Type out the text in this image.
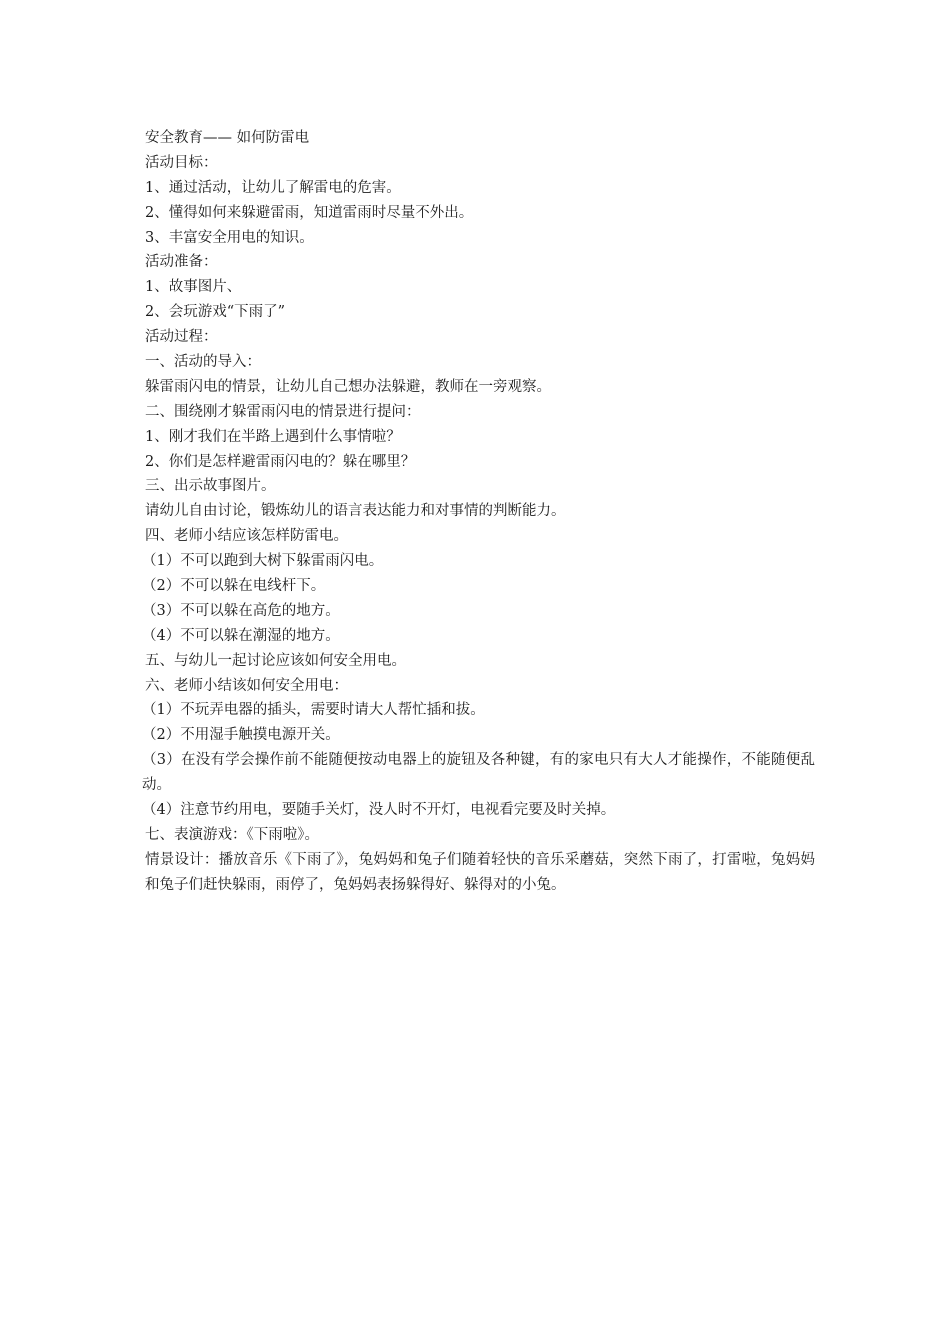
安全教育—— 如何防雷电
活动目标：
1、通过活动，让幼儿了解雷电的危害。
2、懂得如何来躲避雷雨，知道雷雨时尽量不外出。
3、丰富安全用电的知识。
活动准备：
1、故事图片、
2、会玩游戏“下雨了”
活动过程：
一、活动的导入：
躲雷雨闪电的情景，让幼儿自己想办法躲避，教师在一旁观察。
二、围绕刚才躲雷雨闪电的情景进行提问：
1、刚才我们在半路上遇到什么事情啦？
2、你们是怎样避雷雨闪电的？躲在哪里？
三、出示故事图片。
请幼儿自由讨论，锻炼幼儿的语言表达能力和对事情的判断能力。
四、老师小结应该怎样防雷电。
（1）不可以跑到大树下躲雷雨闪电。
（2）不可以躲在电线杆下。
（3）不可以躲在高危的地方。
（4）不可以躲在潮湿的地方。
五、与幼儿一起讨论应该如何安全用电。
六、老师小结该如何安全用电：
（1）不玩弄电器的插头，需要时请大人帮忙插和拔。
（2）不用湿手触摸电源开关。
（3）在没有学会操作前不能随便按动电器上的旋钮及各种键，有的家电只有大人才能操作，不能随便乱动。
（4）注意节约用电，要随手关灯，没人时不开灯，电视看完要及时关掉。
七、表演游戏：《下雨啦》。
情景设计：播放音乐《下雨了》，兔妈妈和兔子们随着轻快的音乐采蘑菇，突然下雨了，打雷啦，兔妈妈和兔子们赶快躲雨，雨停了，兔妈妈表扬躲得好、躲得对的小兔。
